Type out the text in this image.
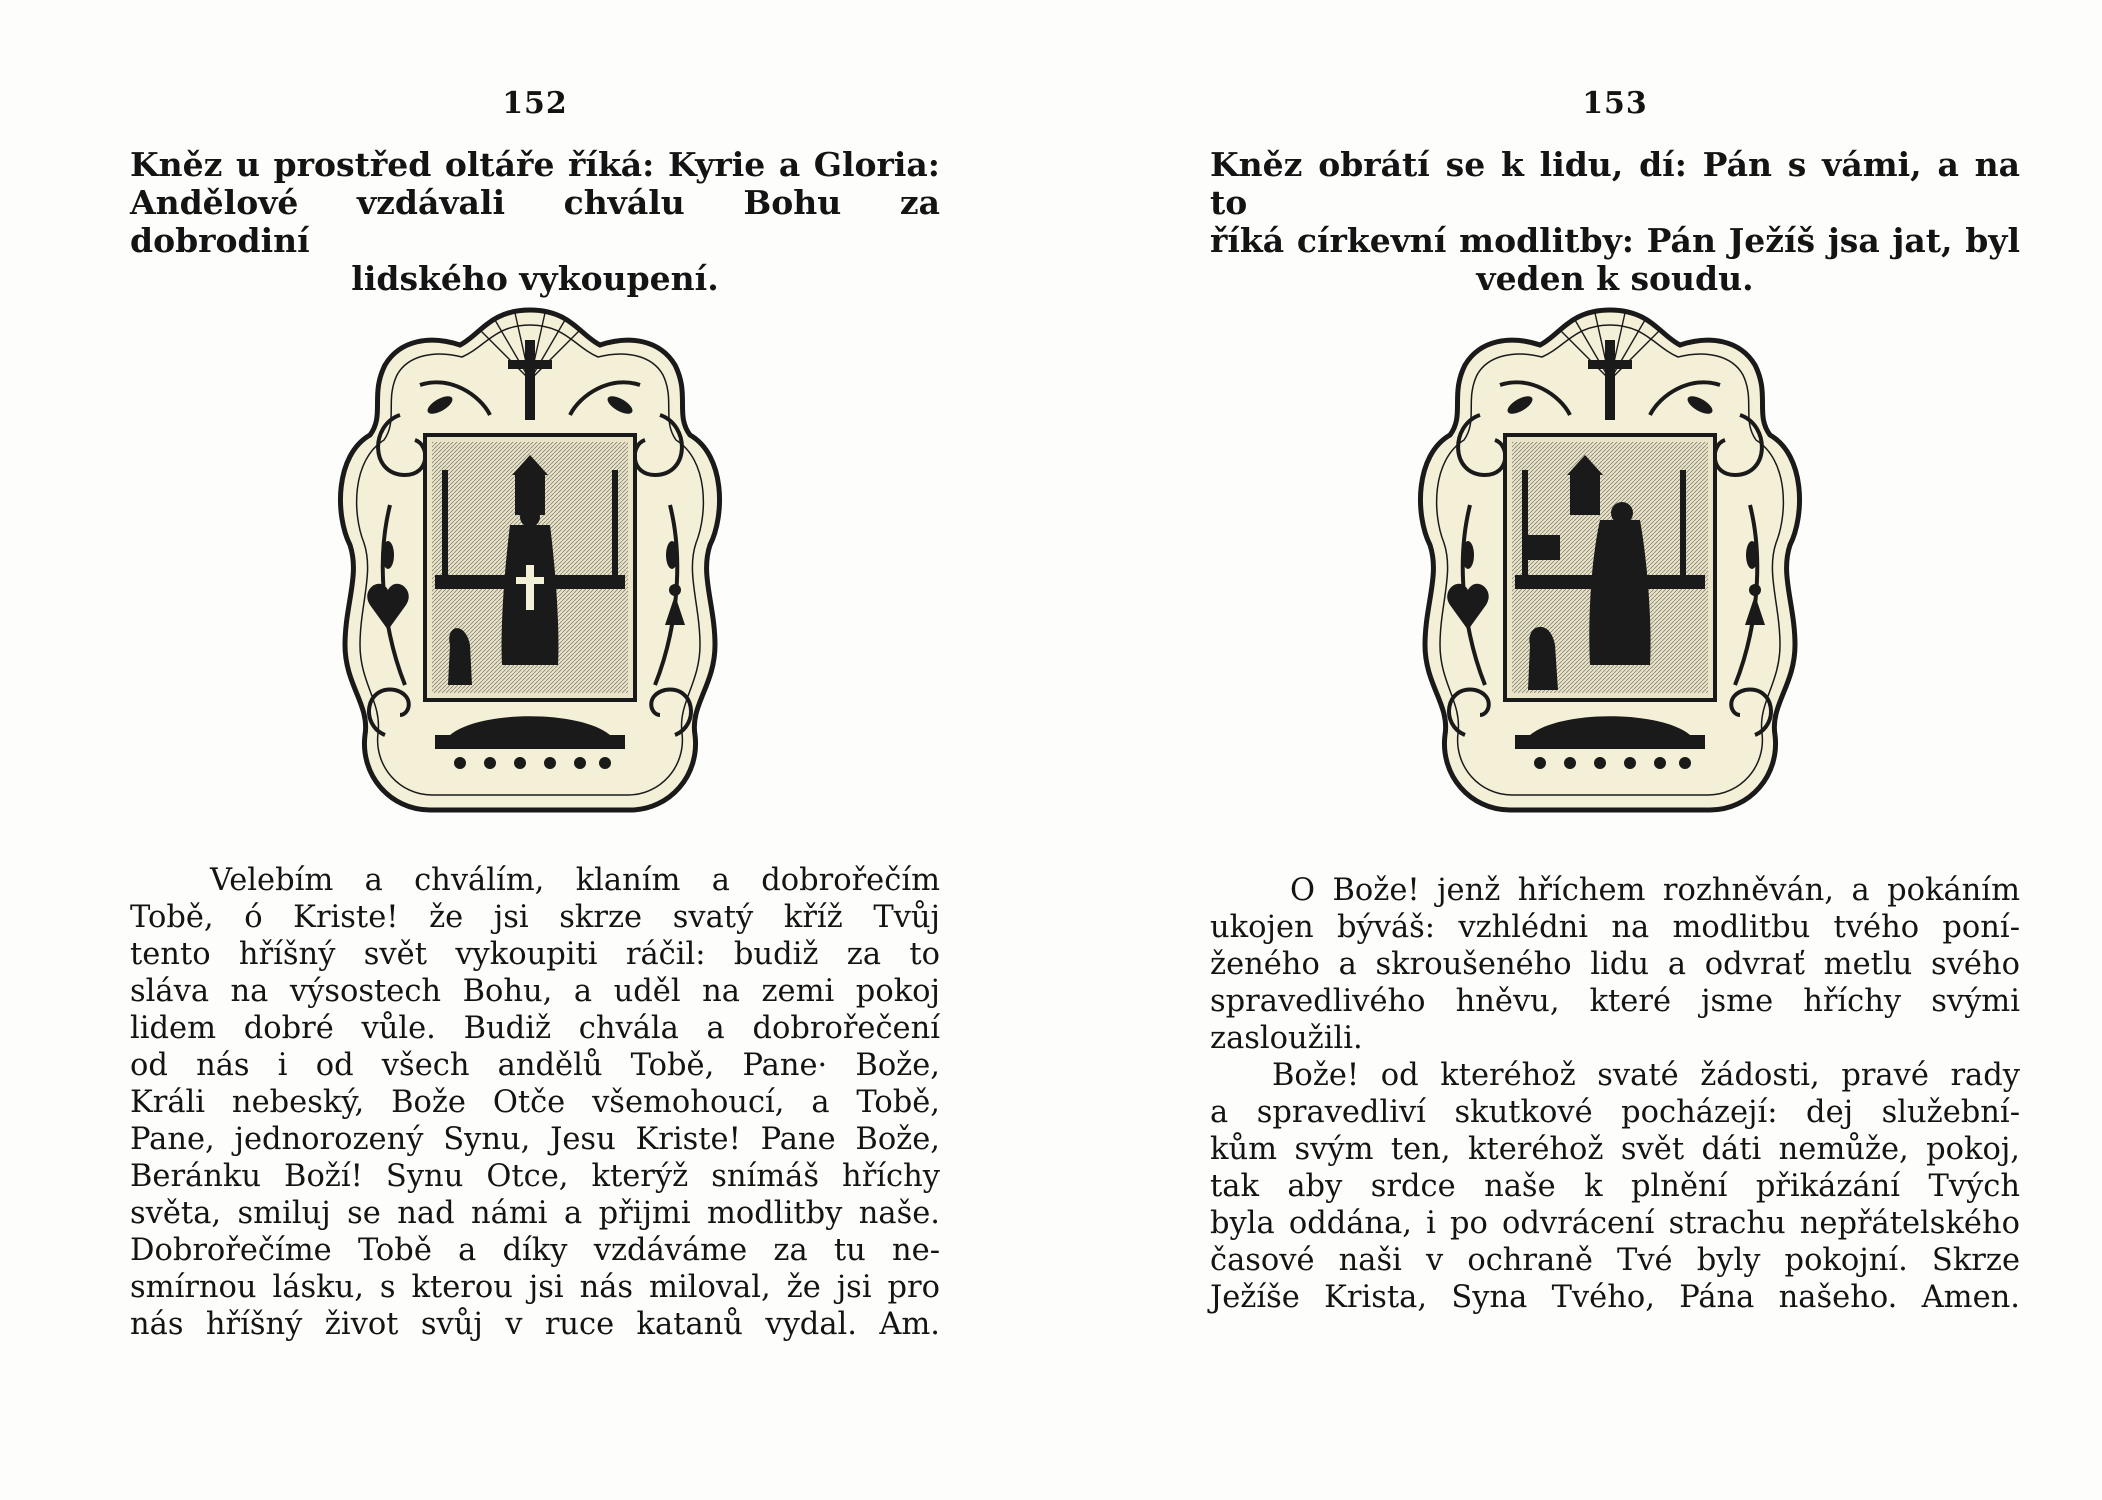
152
Kněz u prostřed oltáře říká: Kyrie a Gloria:
Andělové vzdávali chválu Bohu za dobrodiní
lidského vykoupení.
Velebím a chválím, klaním a dobrořečím
Tobě, ó Kriste! že jsi skrze svatý kříž Tvůj
tento hříšný svět vykoupiti ráčil: budiž za to
sláva na výsostech Bohu, a uděl na zemi pokoj
lidem dobré vůle. Budiž chvála a dobrořečení
od nás i od všech andělů Tobě, Pane· Bože,
Králi nebeský, Bože Otče všemohoucí, a Tobě,
Pane, jednorozený Synu, Jesu Kriste! Pane Bože,
Beránku Boží! Synu Otce, kterýž snímáš hříchy
světa, smiluj se nad námi a přijmi modlitby naše.
Dobrořečíme Tobě a díky vzdáváme za tu ne-
smírnou lásku, s kterou jsi nás miloval, že jsi pro
nás hříšný život svůj v ruce katanů vydal. Am.
153
Kněz obrátí se k lidu, dí: Pán s vámi, a na to
říká církevní modlitby: Pán Ježíš jsa jat, byl
veden k soudu.
O Bože! jenž hříchem rozhněván, a pokáním
ukojen býváš: vzhlédni na modlitbu tvého poní-
ženého a skroušeného lidu a odvrať metlu svého
spravedlivého hněvu, které jsme hříchy svými
zasloužili.
Bože! od kteréhož svaté žádosti, pravé rady
a spravedliví skutkové pocházejí: dej služební-
kům svým ten, kteréhož svět dáti nemůže, pokoj,
tak aby srdce naše k plnění přikázání Tvých
byla oddána, i po odvrácení strachu nepřátelského
časové naši v ochraně Tvé byly pokojní. Skrze
Ježíše Krista, Syna Tvého, Pána našeho. Amen.
